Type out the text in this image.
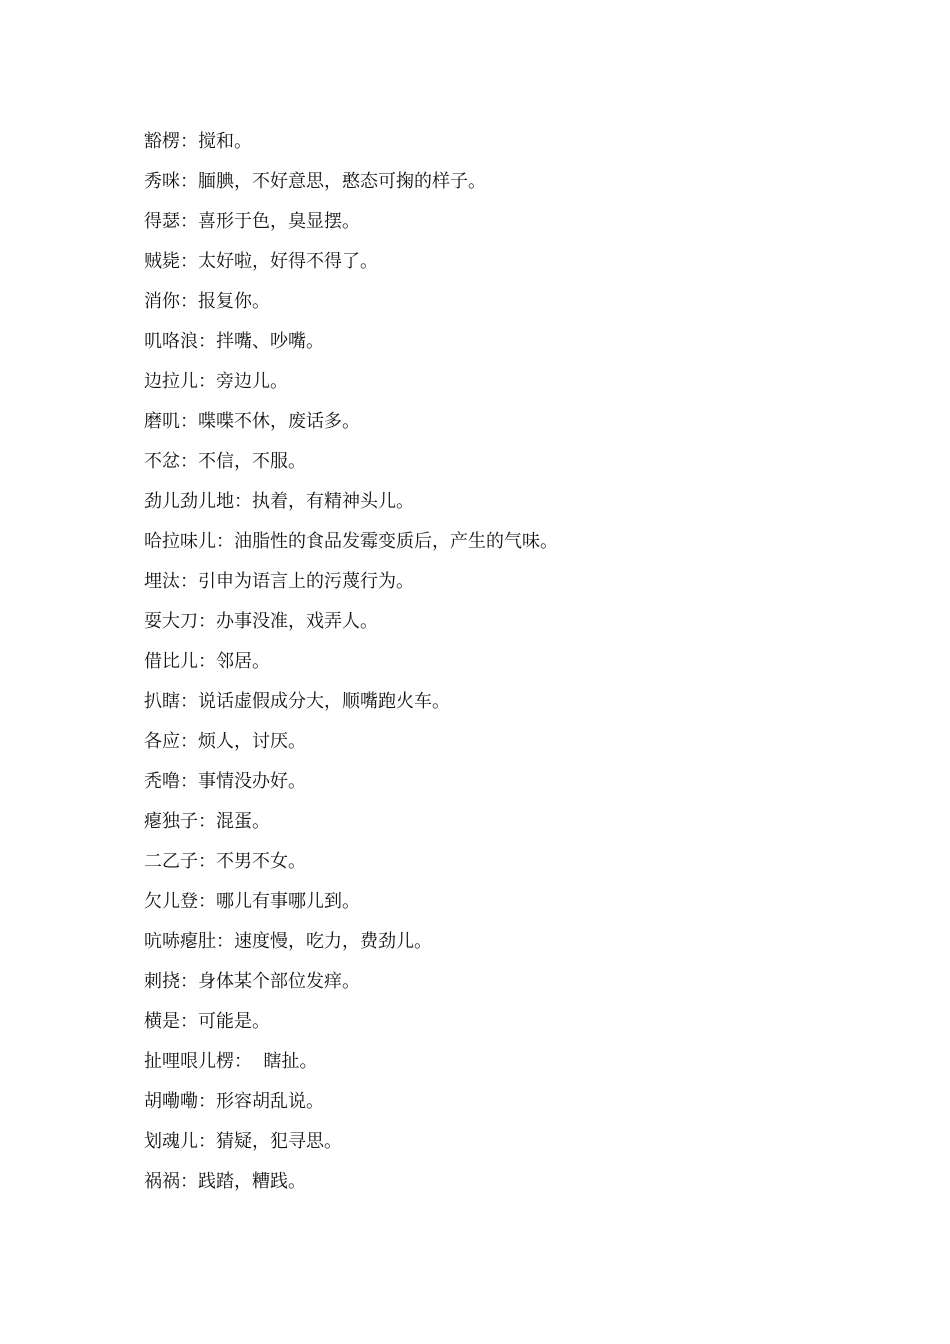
豁楞：搅和。
秀咪：腼腆，不好意思，憨态可掬的样子。
得瑟：喜形于色，臭显摆。
贼毙：太好啦，好得不得了。
消你：报复你。
叽咯浪：拌嘴、吵嘴。
边拉儿：旁边儿。
磨叽：喋喋不休，废话多。
不忿：不信，不服。
劲儿劲儿地：执着，有精神头儿。
哈拉味儿：油脂性的食品发霉变质后，产生的气味。
埋汰：引申为语言上的污蔑行为。
耍大刀：办事没准，戏弄人。
借比儿：邻居。
扒瞎：说话虚假成分大，顺嘴跑火车。
各应：烦人，讨厌。
秃噜：事情没办好。
瘪独子：混蛋。
二乙子：不男不女。
欠儿登：哪儿有事哪儿到。
吭哧瘪肚：速度慢，吃力，费劲儿。
刺挠：身体某个部位发痒。
横是：可能是。
扯哩哏儿楞：  瞎扯。
胡嘞嘞：形容胡乱说。
划魂儿：猜疑，犯寻思。
祸祸：践踏，糟践。
